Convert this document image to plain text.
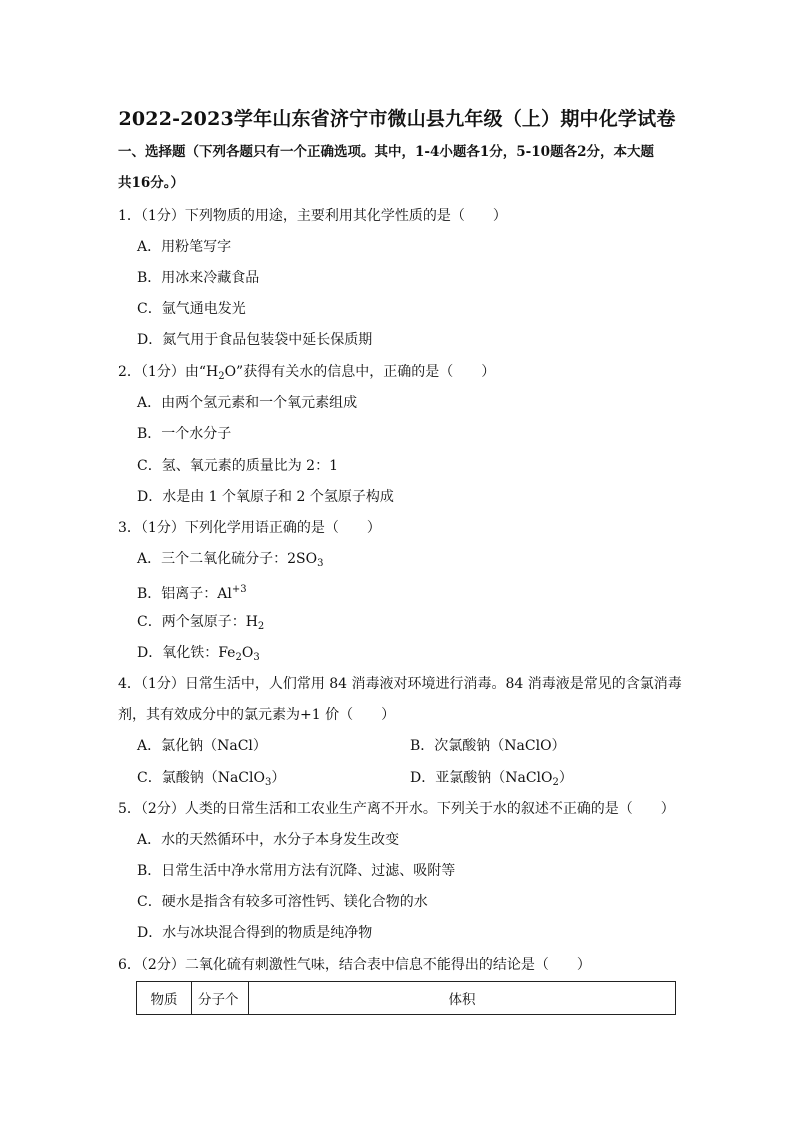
2022-2023学年山东省济宁市微山县九年级（上）期中化学试卷
一、选择题（下列各题只有一个正确选项。其中，1-4小题各1分，5-10题各2分，本大题
共16分。）
1．（1分）下列物质的用途，主要利用其化学性质的是（　　）
A．用粉笔写字
B．用冰来冷藏食品
C．氩气通电发光
D．氮气用于食品包装袋中延长保质期
2．（1分）由“$H_2O$”获得有关水的信息中，正确的是（　　）
A．由两个氢元素和一个氧元素组成
B．一个水分子
C．氢、氧元素的质量比为 2：1
D．水是由 1 个氧原子和 2 个氢原子构成
3．（1分）下列化学用语正确的是（　　）
A．三个二氧化硫分子：$2SO_3$
B．铝离子：$Al^{+3}$
C．两个氢原子：$H_2$
D．氧化铁：$Fe_2O_3$
4．（1分）日常生活中，人们常用 84 消毒液对环境进行消毒。84 消毒液是常见的含氯消毒
剂，其有效成分中的氯元素为+1 价（　　）
A．氯化钠（NaCl）	B．次氯酸钠（NaClO）
C．氯酸钠（NaClO$_3$）	D．亚氯酸钠（NaClO$_2$）
5．（2分）人类的日常生活和工农业生产离不开水。下列关于水的叙述不正确的是（　　）
A．水的天然循环中，水分子本身发生改变
B．日常生活中净水常用方法有沉降、过滤、吸附等
C．硬水是指含有较多可溶性钙、镁化合物的水
D．水与冰块混合得到的物质是纯净物
6．（2分）二氧化硫有刺激性气味，结合表中信息不能得出的结论是（　　）
物质	分子个	体积
